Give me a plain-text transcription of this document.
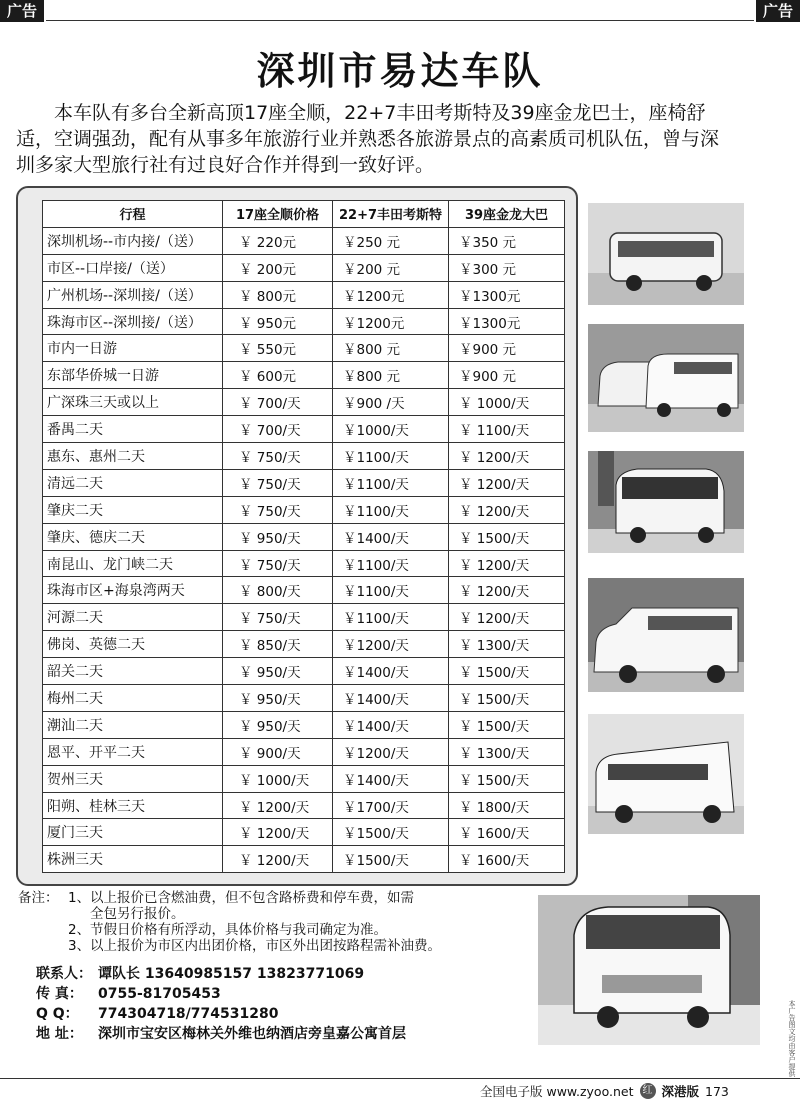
广告	广告
深圳市易达车队
本车队有多台全新高顶17座全顺，22+7丰田考斯特及39座金龙巴士，座椅舒适，空调强劲，配有从事多年旅游行业并熟悉各旅游景点的高素质司机队伍，曾与深圳多家大型旅行社有过良好合作并得到一致好评。
行程	17座全顺价格	22+7丰田考斯特	39座金龙大巴
深圳机场--市内接/（送）	￥ 220元	￥250 元	￥350 元
市区--口岸接/（送）	￥ 200元	￥200 元	￥300 元
广州机场--深圳接/（送）	￥ 800元	￥1200元	￥1300元
珠海市区--深圳接/（送）	￥ 950元	￥1200元	￥1300元
市内一日游	￥ 550元	￥800 元	￥900 元
东部华侨城一日游	￥ 600元	￥800 元	￥900 元
广深珠三天或以上	￥ 700/天	￥900 /天	￥ 1000/天
番禺二天	￥ 700/天	￥1000/天	￥ 1100/天
惠东、惠州二天	￥ 750/天	￥1100/天	￥ 1200/天
清远二天	￥ 750/天	￥1100/天	￥ 1200/天
肇庆二天	￥ 750/天	￥1100/天	￥ 1200/天
肇庆、德庆二天	￥ 950/天	￥1400/天	￥ 1500/天
南昆山、龙门峡二天	￥ 750/天	￥1100/天	￥ 1200/天
珠海市区+海泉湾两天	￥ 800/天	￥1100/天	￥ 1200/天
河源二天	￥ 750/天	￥1100/天	￥ 1200/天
佛岗、英德二天	￥ 850/天	￥1200/天	￥ 1300/天
韶关二天	￥ 950/天	￥1400/天	￥ 1500/天
梅州二天	￥ 950/天	￥1400/天	￥ 1500/天
潮汕二天	￥ 950/天	￥1400/天	￥ 1500/天
恩平、开平二天	￥ 900/天	￥1200/天	￥ 1300/天
贺州三天	￥ 1000/天	￥1400/天	￥ 1500/天
阳朔、桂林三天	￥ 1200/天	￥1700/天	￥ 1800/天
厦门三天	￥ 1200/天	￥1500/天	￥ 1600/天
株洲三天	￥ 1200/天	￥1500/天	￥ 1600/天
备注： 1、 以上报价已含燃油费，但不包含路桥费和停车费，如需
全包另行报价。
2、 节假日价格有所浮动，具体价格与我司确定为准。
3、 以上报价为市区内出团价格，市区外出团按路程需补油费。
联系人： 谭队长 13640985157 13823771069
传 真：	0755-81705453
Q Q：	774304718/774531280
地 址：	深圳市宝安区梅林关外维也纳酒店旁皇嘉公寓首层	本广告图文均由客户提供
全国电子版 www.zyoo.net 红 深港版 173
